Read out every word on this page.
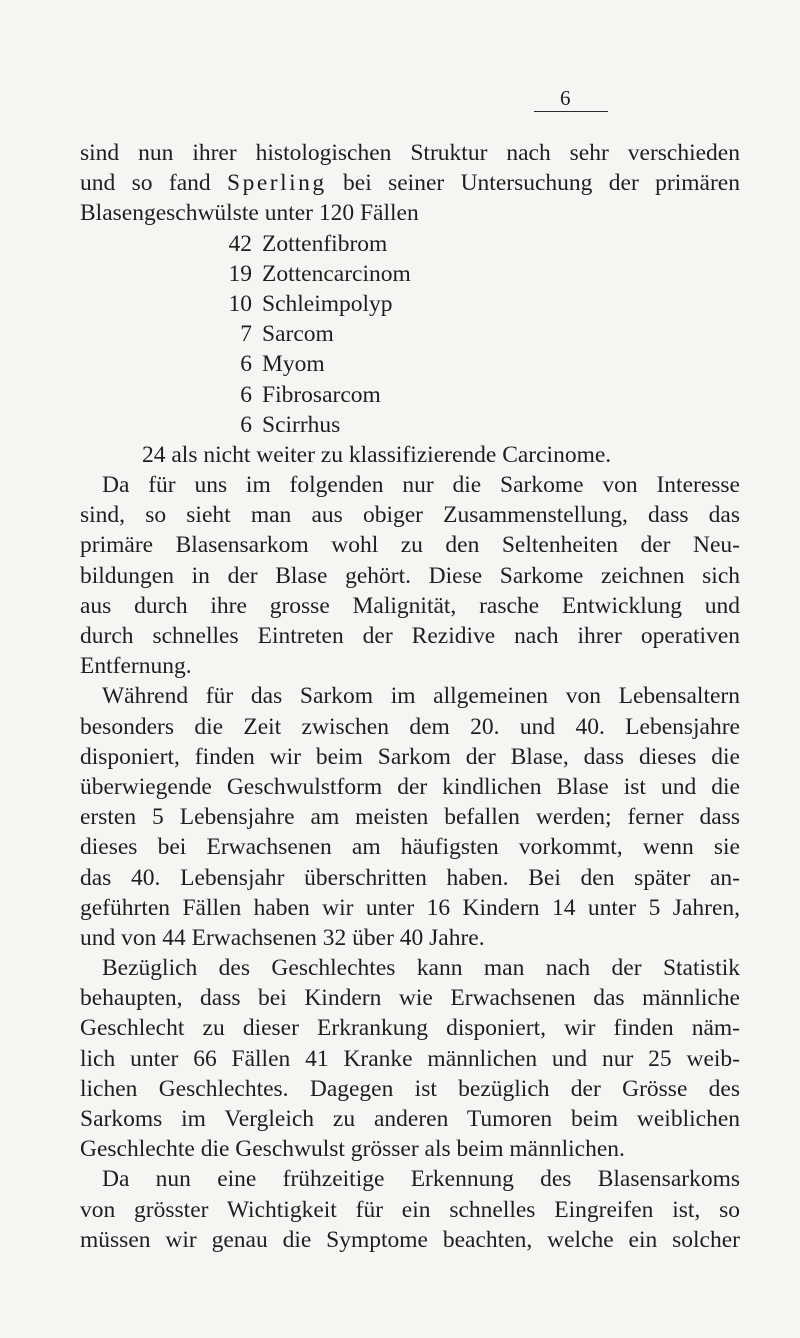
6
sind nun ihrer histologischen Struktur nach sehr verschieden
und so fand Sperling bei seiner Untersuchung der primären
Blasengeschwülste unter 120 Fällen
42 Zottenfibrom
19 Zottencarcinom
10 Schleimpolyp
7 Sarcom
6 Myom
6 Fibrosarcom
6 Scirrhus
24 als nicht weiter zu klassifizierende Carcinome.
Da für uns im folgenden nur die Sarkome von Interesse
sind, so sieht man aus obiger Zusammenstellung, dass das
primäre Blasensarkom wohl zu den Seltenheiten der Neu-
bildungen in der Blase gehört. Diese Sarkome zeichnen sich
aus durch ihre grosse Malignität, rasche Entwicklung und
durch schnelles Eintreten der Rezidive nach ihrer operativen
Entfernung.
Während für das Sarkom im allgemeinen von Lebensaltern
besonders die Zeit zwischen dem 20. und 40. Lebensjahre
disponiert, finden wir beim Sarkom der Blase, dass dieses die
überwiegende Geschwulstform der kindlichen Blase ist und die
ersten 5 Lebensjahre am meisten befallen werden; ferner dass
dieses bei Erwachsenen am häufigsten vorkommt, wenn sie
das 40. Lebensjahr überschritten haben. Bei den später an-
geführten Fällen haben wir unter 16 Kindern 14 unter 5 Jahren,
und von 44 Erwachsenen 32 über 40 Jahre.
Bezüglich des Geschlechtes kann man nach der Statistik
behaupten, dass bei Kindern wie Erwachsenen das männliche
Geschlecht zu dieser Erkrankung disponiert, wir finden näm-
lich unter 66 Fällen 41 Kranke männlichen und nur 25 weib-
lichen Geschlechtes. Dagegen ist bezüglich der Grösse des
Sarkoms im Vergleich zu anderen Tumoren beim weiblichen
Geschlechte die Geschwulst grösser als beim männlichen.
Da nun eine frühzeitige Erkennung des Blasensarkoms
von grösster Wichtigkeit für ein schnelles Eingreifen ist, so
müssen wir genau die Symptome beachten, welche ein solcher
